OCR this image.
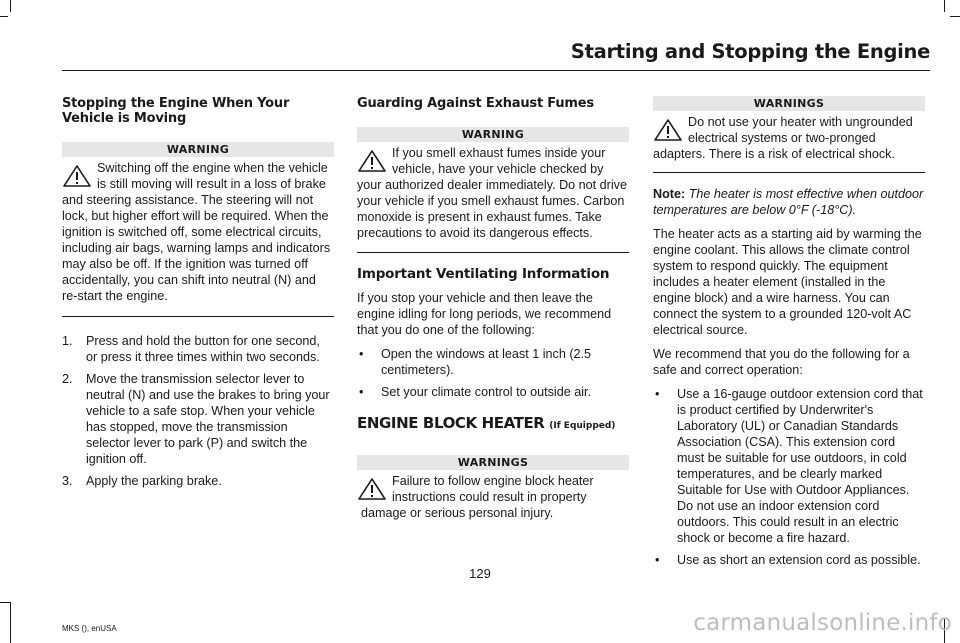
Starting and Stopping the Engine
Stopping the Engine When Your Vehicle is Moving
WARNING

Switching off the engine when the vehicle is still moving will result in a loss of brake and steering assistance. The steering will not lock, but higher effort will be required. When the ignition is switched off, some electrical circuits, including air bags, warning lamps and indicators may also be off. If the ignition was turned off accidentally, you can shift into neutral (N) and re-start the engine.

1. Press and hold the button for one second, or press it three times within two seconds.
2. Move the transmission selector lever to neutral (N) and use the brakes to bring your vehicle to a safe stop. When your vehicle has stopped, move the transmission selector lever to park (P) and switch the ignition off.
3. Apply the parking brake.
Guarding Against Exhaust Fumes
WARNING

If you smell exhaust fumes inside your vehicle, have your vehicle checked by your authorized dealer immediately. Do not drive your vehicle if you smell exhaust fumes. Carbon monoxide is present in exhaust fumes. Take precautions to avoid its dangerous effects.

Important Ventilating Information

If you stop your vehicle and then leave the engine idling for long periods, we recommend that you do one of the following:

• Open the windows at least 1 inch (2.5 centimeters).
• Set your climate control to outside air.
ENGINE BLOCK HEATER (If Equipped)
WARNINGS

Failure to follow engine block heater instructions could result in property damage or serious personal injury.

WARNINGS

Do not use your heater with ungrounded electrical systems or two-pronged adapters. There is a risk of electrical shock.

Note: The heater is most effective when outdoor temperatures are below 0°F (-18°C).

The heater acts as a starting aid by warming the engine coolant. This allows the climate control system to respond quickly. The equipment includes a heater element (installed in the engine block) and a wire harness. You can connect the system to a grounded 120-volt AC electrical source.

We recommend that you do the following for a safe and correct operation:

• Use a 16-gauge outdoor extension cord that is product certified by Underwriter's Laboratory (UL) or Canadian Standards Association (CSA). This extension cord must be suitable for use outdoors, in cold temperatures, and be clearly marked Suitable for Use with Outdoor Appliances. Do not use an indoor extension cord outdoors. This could result in an electric shock or become a fire hazard.
• Use as short an extension cord as possible.
129
MKS (), enUSA	carmanualsonline.info
